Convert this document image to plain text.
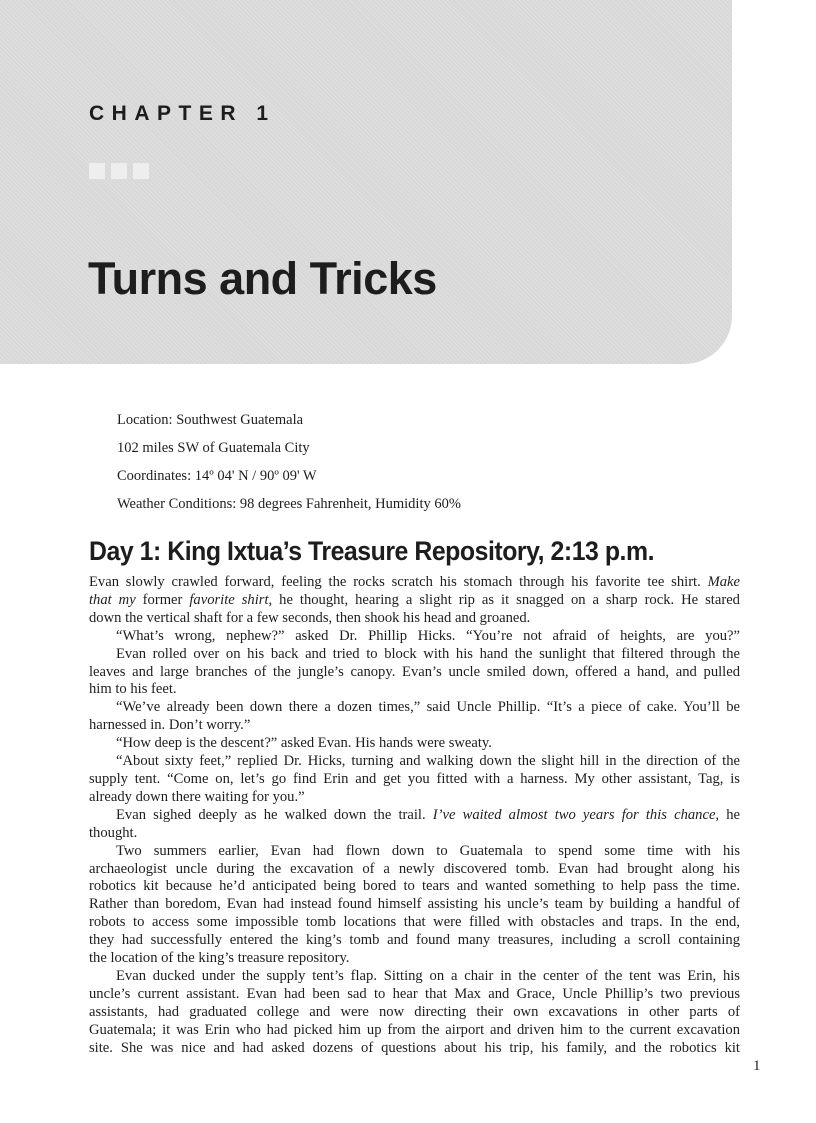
CHAPTER 1
Turns and Tricks
Location: Southwest Guatemala
102 miles SW of Guatemala City
Coordinates: 14º 04' N / 90º 09' W
Weather Conditions: 98 degrees Fahrenheit, Humidity 60%
Day 1: King Ixtua’s Treasure Repository, 2:13 p.m.
Evan slowly crawled forward, feeling the rocks scratch his stomach through his favorite tee shirt. Make
that my former favorite shirt, he thought, hearing a slight rip as it snagged on a sharp rock. He stared
down the vertical shaft for a few seconds, then shook his head and groaned.
“What’s wrong, nephew?” asked Dr. Phillip Hicks. “You’re not afraid of heights, are you?”
Evan rolled over on his back and tried to block with his hand the sunlight that filtered through the
leaves and large branches of the jungle’s canopy. Evan’s uncle smiled down, offered a hand, and pulled
him to his feet.
“We’ve already been down there a dozen times,” said Uncle Phillip. “It’s a piece of cake. You’ll be
harnessed in. Don’t worry.”
“How deep is the descent?” asked Evan. His hands were sweaty.
“About sixty feet,” replied Dr. Hicks, turning and walking down the slight hill in the direction of the
supply tent. “Come on, let’s go find Erin and get you fitted with a harness. My other assistant, Tag, is
already down there waiting for you.”
Evan sighed deeply as he walked down the trail. I’ve waited almost two years for this chance, he
thought.
Two summers earlier, Evan had flown down to Guatemala to spend some time with his
archaeologist uncle during the excavation of a newly discovered tomb. Evan had brought along his
robotics kit because he’d anticipated being bored to tears and wanted something to help pass the time.
Rather than boredom, Evan had instead found himself assisting his uncle’s team by building a handful of
robots to access some impossible tomb locations that were filled with obstacles and traps. In the end,
they had successfully entered the king’s tomb and found many treasures, including a scroll containing
the location of the king’s treasure repository.
Evan ducked under the supply tent’s flap. Sitting on a chair in the center of the tent was Erin, his
uncle’s current assistant. Evan had been sad to hear that Max and Grace, Uncle Phillip’s two previous
assistants, had graduated college and were now directing their own excavations in other parts of
Guatemala; it was Erin who had picked him up from the airport and driven him to the current excavation
site. She was nice and had asked dozens of questions about his trip, his family, and the robotics kit

1
